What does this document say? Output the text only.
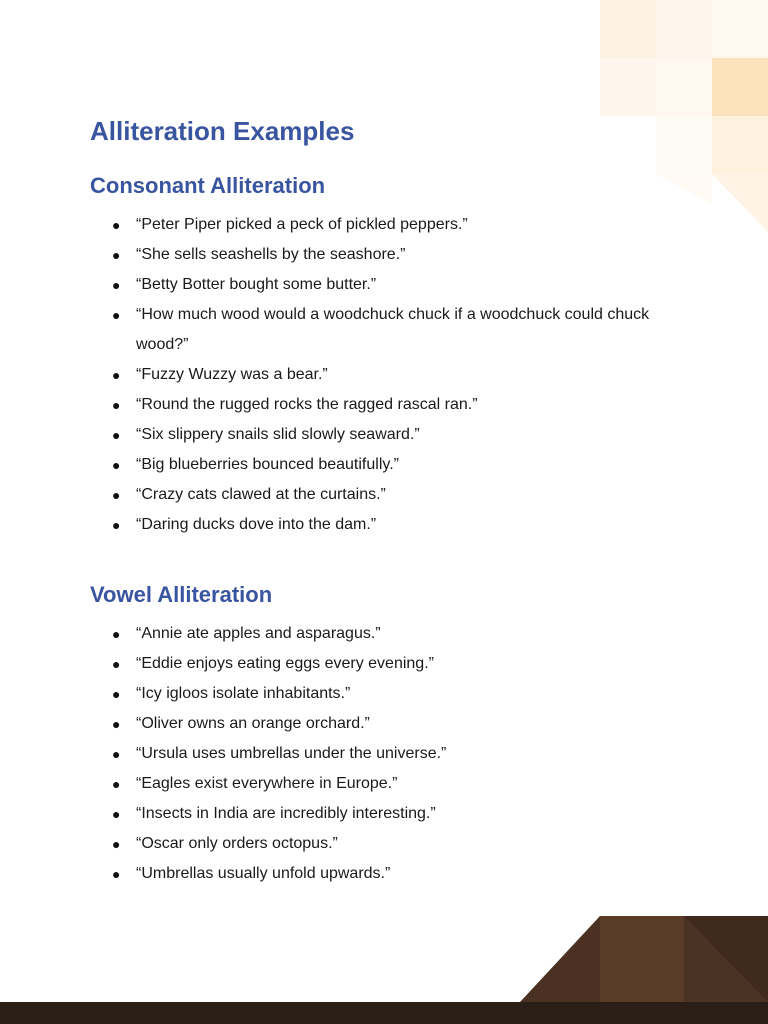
Alliteration Examples
Consonant Alliteration
● “Peter Piper picked a peck of pickled peppers.”
● “She sells seashells by the seashore.”
● “Betty Botter bought some butter.”
● “How much wood would a woodchuck chuck if a woodchuck could chuck wood?”
● “Fuzzy Wuzzy was a bear.”
● “Round the rugged rocks the ragged rascal ran.”
● “Six slippery snails slid slowly seaward.”
● “Big blueberries bounced beautifully.”
● “Crazy cats clawed at the curtains.”
● “Daring ducks dove into the dam.”
Vowel Alliteration
● “Annie ate apples and asparagus.”
● “Eddie enjoys eating eggs every evening.”
● “Icy igloos isolate inhabitants.”
● “Oliver owns an orange orchard.”
● “Ursula uses umbrellas under the universe.”
● “Eagles exist everywhere in Europe.”
● “Insects in India are incredibly interesting.”
● “Oscar only orders octopus.”
● “Umbrellas usually unfold upwards.”
